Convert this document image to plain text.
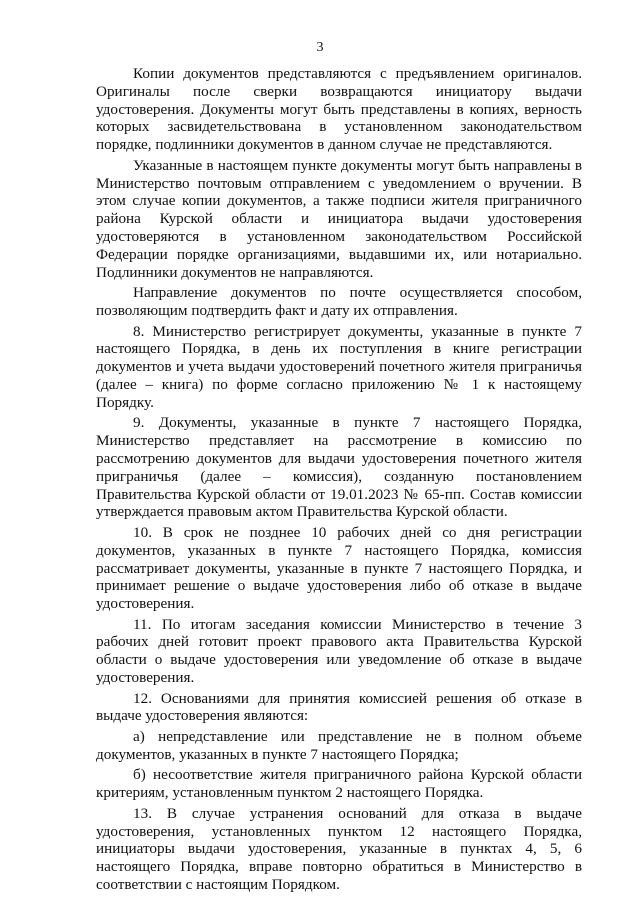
3

Копии документов представляются с предъявлением оригиналов. Оригиналы после сверки возвращаются инициатору выдачи удостоверения. Документы могут быть представлены в копиях, верность которых засвидетельствована в установленном законодательством порядке, подлинники документов в данном случае не представляются.

Указанные в настоящем пункте документы могут быть направлены в Министерство почтовым отправлением с уведомлением о вручении. В этом случае копии документов, а также подписи жителя приграничного района Курской области и инициатора выдачи удостоверения удостоверяются в установленном законодательством Российской Федерации порядке организациями, выдавшими их, или нотариально. Подлинники документов не направляются.

Направление документов по почте осуществляется способом, позволяющим подтвердить факт и дату их отправления.

8. Министерство регистрирует документы, указанные в пункте 7 настоящего Порядка, в день их поступления в книге регистрации документов и учета выдачи удостоверений почетного жителя приграничья (далее – книга) по форме согласно приложению № 1 к настоящему Порядку.

9. Документы, указанные в пункте 7 настоящего Порядка, Министерство представляет на рассмотрение в комиссию по рассмотрению документов для выдачи удостоверения почетного жителя приграничья (далее – комиссия), созданную постановлением Правительства Курской области от 19.01.2023 № 65-пп. Состав комиссии утверждается правовым актом Правительства Курской области.

10. В срок не позднее 10 рабочих дней со дня регистрации документов, указанных в пункте 7 настоящего Порядка, комиссия рассматривает документы, указанные в пункте 7 настоящего Порядка, и принимает решение о выдаче удостоверения либо об отказе в выдаче удостоверения.

11. По итогам заседания комиссии Министерство в течение 3 рабочих дней готовит проект правового акта Правительства Курской области о выдаче удостоверения или уведомление об отказе в выдаче удостоверения.

12. Основаниями для принятия комиссией решения об отказе в выдаче удостоверения являются:

а) непредставление или представление не в полном объеме документов, указанных в пункте 7 настоящего Порядка;

б) несоответствие жителя приграничного района Курской области критериям, установленным пунктом 2 настоящего Порядка.

13. В случае устранения оснований для отказа в выдаче удостоверения, установленных пунктом 12 настоящего Порядка, инициаторы выдачи удостоверения, указанные в пунктах 4, 5, 6 настоящего Порядка, вправе повторно обратиться в Министерство в соответствии с настоящим Порядком.
